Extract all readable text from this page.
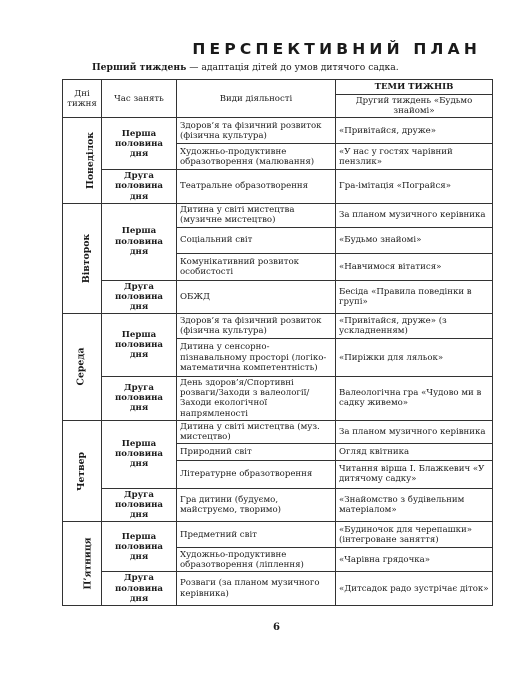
ПЕРСПЕКТИВНИЙ ПЛАН
Перший тиждень — адаптація дітей до умов дитячого садка.
Дні тижня	Час занять	Види діяльності	ТЕМИ ТИЖНІВ
			Другий тиждень «Будьмо знайомі»
Понеділок	Перша половина дня	Здоров’я та фізичний розвиток (фізична культура)	«Привітайся, друже»
		Художньо-продуктивне образотворення (малювання)	«У нас у гостях чарівний пензлик»
	Друга половина дня	Театральне образотворення	Гра-імітація «Пограйся»
Вівторок	Перша половина дня	Дитина у світі мистецтва (музичне мистецтво)	За планом музичного керівника
		Соціальний світ	«Будьмо знайомі»
		Комунікативний розвиток особистості	«Навчимося вітатися»
	Друга половина дня	ОБЖД	Бесіда «Правила поведінки в групі»
Середа	Перша половина дня	Здоров’я та фізичний розвиток (фізична культура)	«Привітайся, друже» (з ускладненням)
		Дитина у сенсорно-пізнавальному просторі (логіко-математична компетентність)	«Пиріжки для ляльок»
	Друга половина дня	День здоров’я/Спортивні розваги/Заходи з валеології/Заходи екологічної напрямленості	Валеологічна гра «Чудово ми в садку живемо»
Четвер	Перша половина дня	Дитина у світі мистецтва (муз. мистецтво)	За планом музичного керівника
		Природний світ	Огляд квітника
		Літературне образотворення	Читання вірша І. Блажкевич «У дитячому садку»
	Друга половина дня	Гра дитини (будуємо, майструємо, творимо)	«Знайомство з будівельним матеріалом»
П’ятниця	Перша половина дня	Предметний світ	«Будиночок для черепашки» (інтегроване заняття)
		Художньо-продуктивне образотворення (ліплення)	«Чарівна грядочка»
	Друга половина дня	Розваги (за планом музичного керівника)	«Дитсадок радо зустрічає діток»
6
